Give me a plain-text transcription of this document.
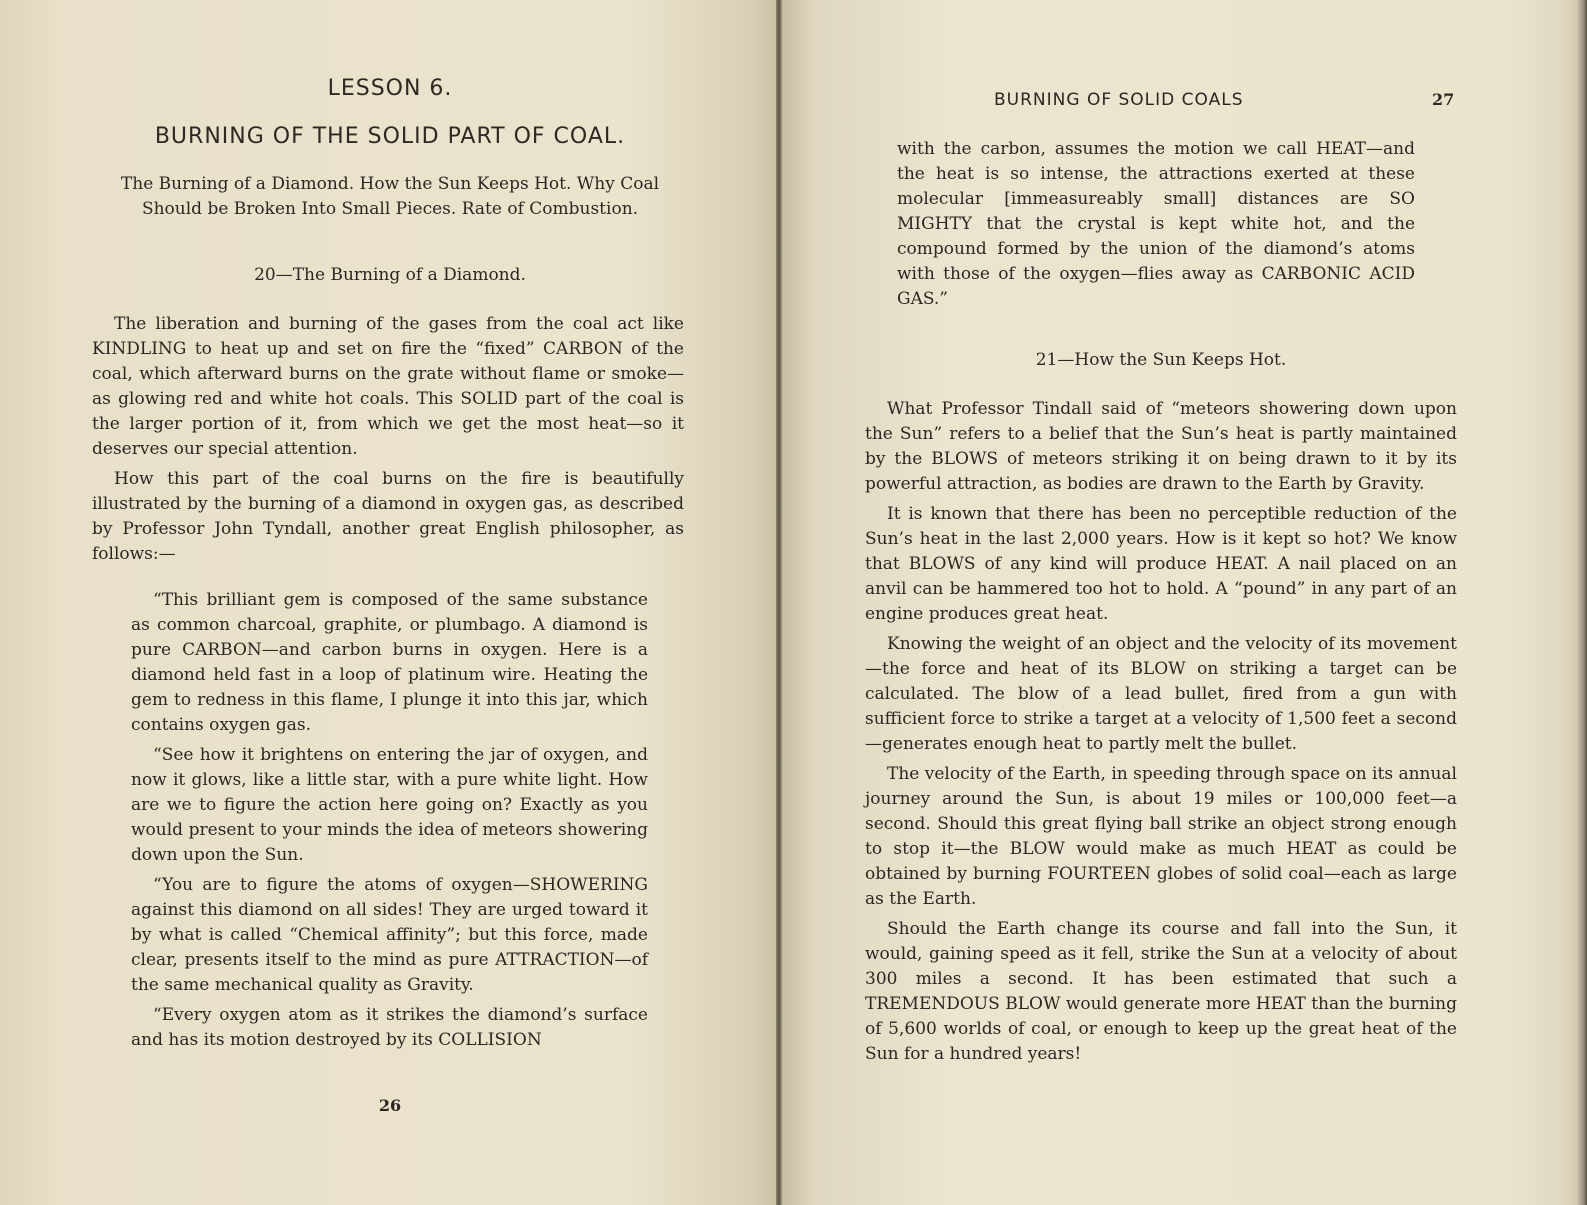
LESSON 6.
BURNING OF THE SOLID PART OF COAL.
The Burning of a Diamond. How the Sun Keeps Hot. Why Coal Should be Broken Into Small Pieces. Rate of Combustion.
20—The Burning of a Diamond.

The liberation and burning of the gases from the coal act like KINDLING to heat up and set on fire the “fixed” CARBON of the coal, which afterward burns on the grate without flame or smoke—as glowing red and white hot coals. This SOLID part of the coal is the larger portion of it, from which we get the most heat—so it deserves our special attention.

How this part of the coal burns on the fire is beautifully illustrated by the burning of a diamond in oxygen gas, as described by Professor John Tyndall, another great English philosopher, as follows:—

“This brilliant gem is composed of the same substance as common charcoal, graphite, or plumbago. A diamond is pure CARBON—and carbon burns in oxygen. Here is a diamond held fast in a loop of platinum wire. Heating the gem to redness in this flame, I plunge it into this jar, which contains oxygen gas.

“See how it brightens on entering the jar of oxygen, and now it glows, like a little star, with a pure white light. How are we to figure the action here going on? Exactly as you would present to your minds the idea of meteors showering down upon the Sun.

“You are to figure the atoms of oxygen—SHOWERING against this diamond on all sides! They are urged toward it by what is called “Chemical affinity”; but this force, made clear, presents itself to the mind as pure ATTRACTION—of the same mechanical quality as Gravity.

“Every oxygen atom as it strikes the diamond’s surface and has its motion destroyed by its COLLISION

26
27
BURNING OF SOLID COALS

with the carbon, assumes the motion we call HEAT—and the heat is so intense, the attractions exerted at these molecular [immeasureably small] distances are SO MIGHTY that the crystal is kept white hot, and the compound formed by the union of the diamond’s atoms with those of the oxygen—flies away as CARBONIC ACID GAS.”

21—How the Sun Keeps Hot.

What Professor Tindall said of “meteors showering down upon the Sun” refers to a belief that the Sun’s heat is partly maintained by the BLOWS of meteors striking it on being drawn to it by its powerful attraction, as bodies are drawn to the Earth by Gravity.

It is known that there has been no perceptible reduction of the Sun’s heat in the last 2,000 years. How is it kept so hot? We know that BLOWS of any kind will produce HEAT. A nail placed on an anvil can be hammered too hot to hold. A “pound” in any part of an engine produces great heat.

Knowing the weight of an object and the velocity of its movement—the force and heat of its BLOW on striking a target can be calculated. The blow of a lead bullet, fired from a gun with sufficient force to strike a target at a velocity of 1,500 feet a second—generates enough heat to partly melt the bullet.

The velocity of the Earth, in speeding through space on its annual journey around the Sun, is about 19 miles or 100,000 feet—a second. Should this great flying ball strike an object strong enough to stop it—the BLOW would make as much HEAT as could be obtained by burning FOURTEEN globes of solid coal—each as large as the Earth.

Should the Earth change its course and fall into the Sun, it would, gaining speed as it fell, strike the Sun at a velocity of about 300 miles a second. It has been estimated that such a TREMENDOUS BLOW would generate more HEAT than the burning of 5,600 worlds of coal, or enough to keep up the great heat of the Sun for a hundred years!
